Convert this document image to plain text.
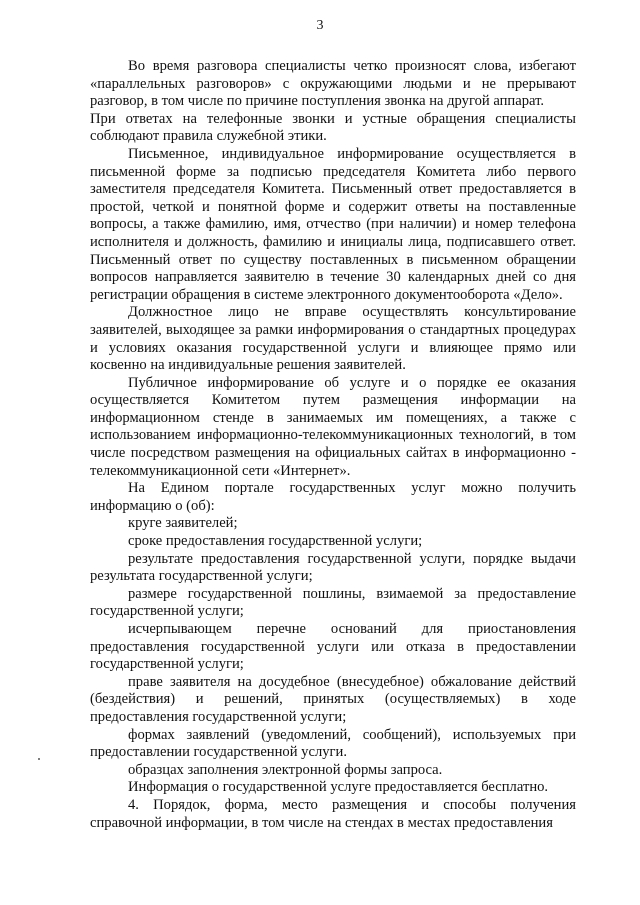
3

Во время разговора специалисты четко произносят слова, избегают «параллельных разговоров» с окружающими людьми и не прерывают разговор, в том числе по причине поступления звонка на другой аппарат.

При ответах на телефонные звонки и устные обращения специалисты соблюдают правила служебной этики.

Письменное, индивидуальное информирование осуществляется в письменной форме за подписью председателя Комитета либо первого заместителя председателя Комитета. Письменный ответ предоставляется в простой, четкой и понятной форме и содержит ответы на поставленные вопросы, а также фамилию, имя, отчество (при наличии) и номер телефона исполнителя и должность, фамилию и инициалы лица, подписавшего ответ. Письменный ответ по существу поставленных в письменном обращении вопросов направляется заявителю в течение 30 календарных дней со дня регистрации обращения в системе электронного документооборота «Дело».

Должностное лицо не вправе осуществлять консультирование заявителей, выходящее за рамки информирования о стандартных процедурах и условиях оказания государственной услуги и влияющее прямо или косвенно на индивидуальные решения заявителей.

Публичное информирование об услуге и о порядке ее оказания осуществляется Комитетом путем размещения информации на информационном стенде в занимаемых им помещениях, а также с использованием информационно-телекоммуникационных технологий, в том числе посредством размещения на официальных сайтах в информационно - телекоммуникационной сети «Интернет».

На Едином портале государственных услуг можно получить информацию о (об):

круге заявителей;

сроке предоставления государственной услуги;

результате предоставления государственной услуги, порядке выдачи результата государственной услуги;

размере государственной пошлины, взимаемой за предоставление государственной услуги;

исчерпывающем перечне оснований для приостановления предоставления государственной услуги или отказа в предоставлении государственной услуги;

праве заявителя на досудебное (внесудебное) обжалование действий (бездействия) и решений, принятых (осуществляемых) в ходе предоставления государственной услуги;

формах заявлений (уведомлений, сообщений), используемых при предоставлении государственной услуги.

образцах заполнения электронной формы запроса.

Информация о государственной услуге предоставляется бесплатно.

4. Порядок, форма, место размещения и способы получения справочной информации, в том числе на стендах в местах предоставления
